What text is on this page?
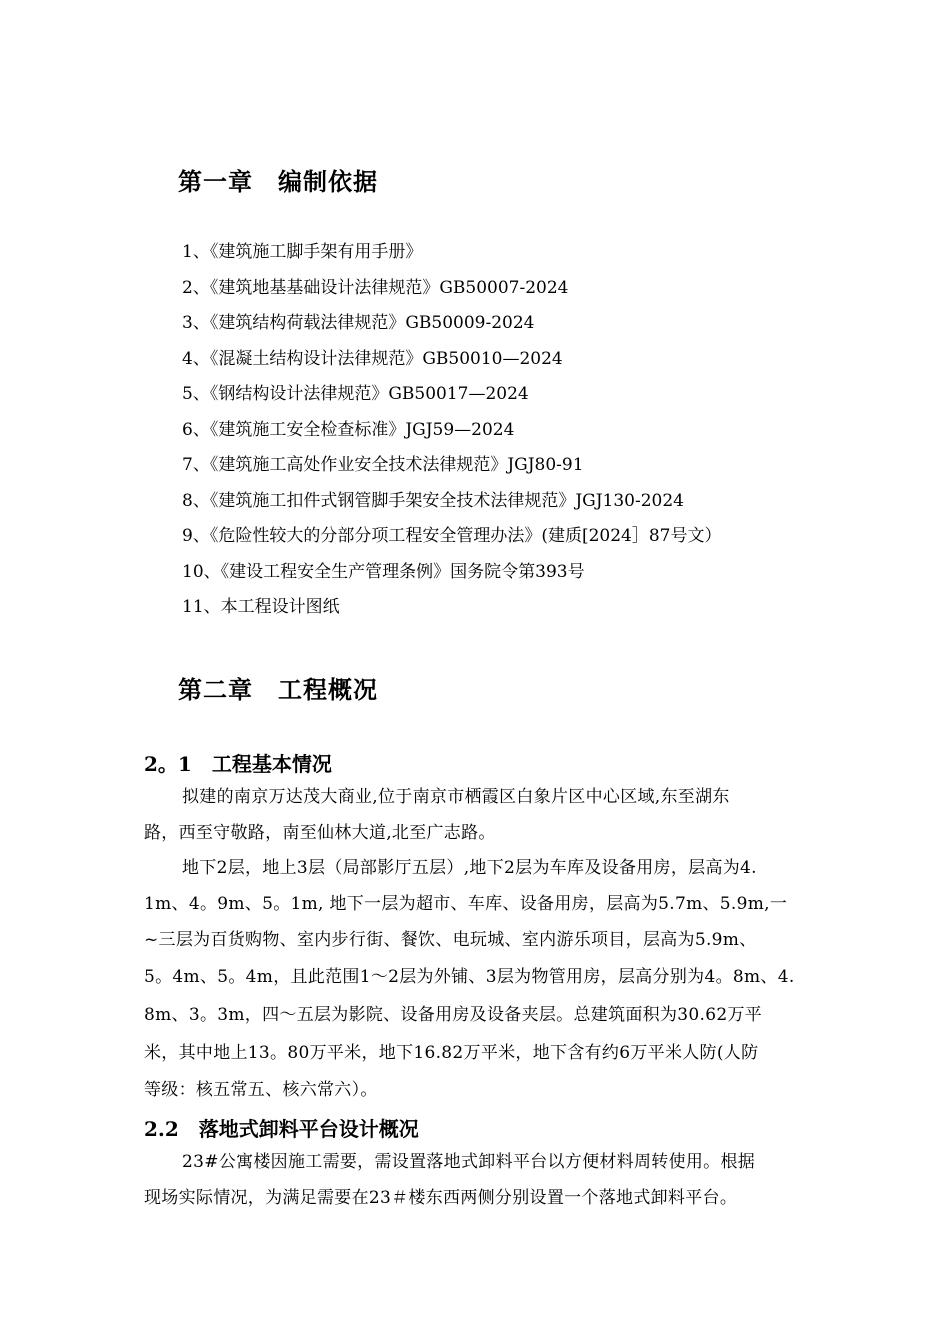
第一章　编制依据
1、《建筑施工脚手架有用手册》
2、《建筑地基基础设计法律规范》GB50007-2024
3、《建筑结构荷载法律规范》GB50009-2024
4、《混凝土结构设计法律规范》GB50010—2024
5、《钢结构设计法律规范》GB50017—2024
6、《建筑施工安全检查标准》JGJ59—2024
7、《建筑施工高处作业安全技术法律规范》JGJ80-91
8、《建筑施工扣件式钢管脚手架安全技术法律规范》JGJ130-2024
9、《危险性较大的分部分项工程安全管理办法》(建质[2024］87号文）
10、《建设工程安全生产管理条例》国务院令第393号
11、本工程设计图纸
第二章　工程概况
2。1　工程基本情况
拟建的南京万达茂大商业,位于南京市栖霞区白象片区中心区域,东至湖东
路，西至守敬路，南至仙林大道,北至广志路。
地下2层，地上3层（局部影厅五层）,地下2层为车库及设备用房，层高为4.
1m、4。9m、5。1m, 地下一层为超市、车库、设备用房，层高为5.7m、5.9m,一
~三层为百货购物、室内步行街、餐饮、电玩城、室内游乐项目，层高为5.9m、
5。4m、5。4m，且此范围1～2层为外铺、3层为物管用房，层高分别为4。8m、4.
8m、3。3m，四～五层为影院、设备用房及设备夹层。总建筑面积为30.62万平
米，其中地上13。80万平米，地下16.82万平米，地下含有约6万平米人防(人防
等级：核五常五、核六常六）。
2.2　落地式卸料平台设计概况
23#公寓楼因施工需要，需设置落地式卸料平台以方便材料周转使用。根据
现场实际情况，为满足需要在23＃楼东西两侧分别设置一个落地式卸料平台。
